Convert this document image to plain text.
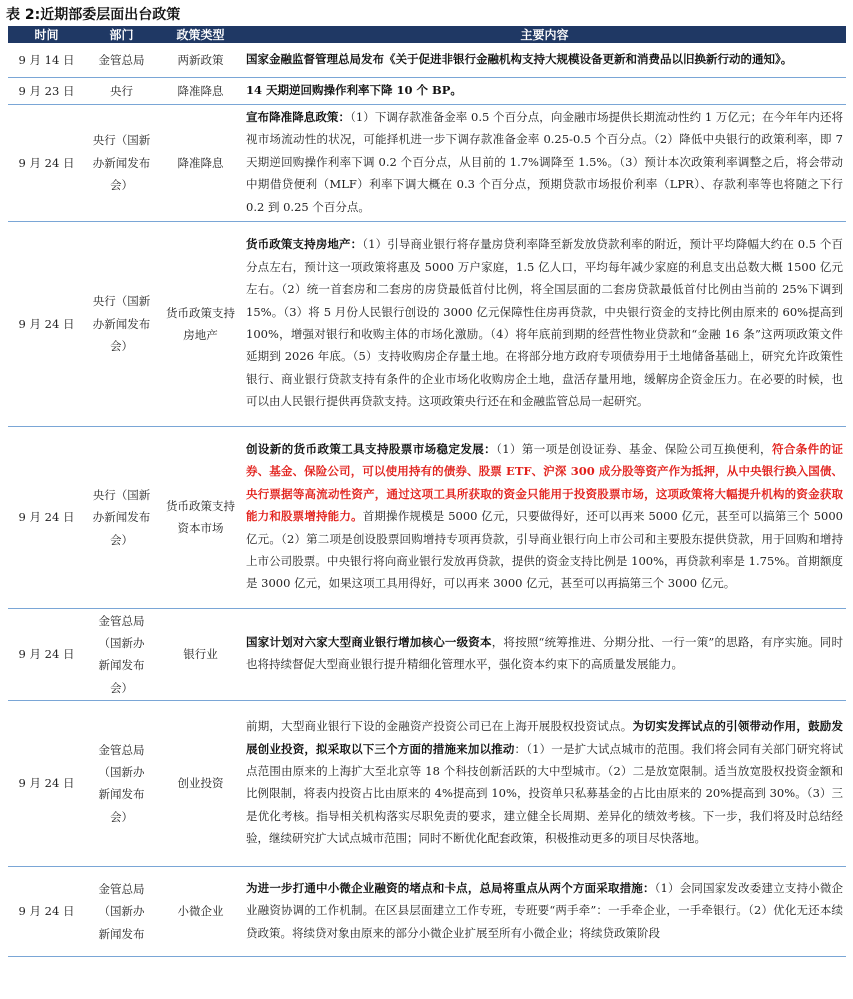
表 2:近期部委层面出台政策
时间	部门	政策类型	主要内容
9 月 14 日	金管总局	两新政策	国家金融监督管理总局发布《关于促进非银行金融机构支持大规模设备更新和消费品以旧换新行动的通知》。
9 月 23 日	央行	降准降息	14 天期逆回购操作利率下降 10 个 BP。
9 月 24 日	央行（国新办新闻发布会）	降准降息	宣布降准降息政策：（1）下调存款准备金率 0.5 个百分点，向金融市场提供长期流动性约 1 万亿元；在今年年内还将视市场流动性的状况，可能择机进一步下调存款准备金率 0.25-0.5 个百分点。（2）降低中央银行的政策利率，即 7 天期逆回购操作利率下调 0.2 个百分点，从目前的 1.7%调降至 1.5%。（3）预计本次政策利率调整之后，将会带动中期借贷便利（MLF）利率下调大概在 0.3 个百分点，预期贷款市场报价利率（LPR）、存款利率等也将随之下行 0.2 到 0.25 个百分点。
9 月 24 日	央行（国新办新闻发布会）	货币政策支持房地产	货币政策支持房地产：（1）引导商业银行将存量房贷利率降至新发放贷款利率的附近，预计平均降幅大约在 0.5 个百分点左右，预计这一项政策将惠及 5000 万户家庭，1.5 亿人口，平均每年减少家庭的利息支出总数大概 1500 亿元左右。（2）统一首套房和二套房的房贷最低首付比例，将全国层面的二套房贷款最低首付比例由当前的 25%下调到 15%。（3）将 5 月份人民银行创设的 3000 亿元保障性住房再贷款，中央银行资金的支持比例由原来的 60%提高到 100%，增强对银行和收购主体的市场化激励。（4）将年底前到期的经营性物业贷款和“金融 16 条”这两项政策文件延期到 2026 年底。（5）支持收购房企存量土地。在将部分地方政府专项债券用于土地储备基础上，研究允许政策性银行、商业银行贷款支持有条件的企业市场化收购房企土地，盘活存量用地，缓解房企资金压力。在必要的时候，也可以由人民银行提供再贷款支持。这项政策央行还在和金融监管总局一起研究。
9 月 24 日	央行（国新办新闻发布会）	货币政策支持资本市场	创设新的货币政策工具支持股票市场稳定发展：（1）第一项是创设证券、基金、保险公司互换便利，符合条件的证券、基金、保险公司，可以使用持有的债券、股票 ETF、沪深 300 成分股等资产作为抵押，从中央银行换入国债、央行票据等高流动性资产，通过这项工具所获取的资金只能用于投资股票市场，这项政策将大幅提升机构的资金获取能力和股票增持能力。首期操作规模是 5000 亿元，只要做得好，还可以再来 5000 亿元，甚至可以搞第三个 5000 亿元。（2）第二项是创设股票回购增持专项再贷款，引导商业银行向上市公司和主要股东提供贷款，用于回购和增持上市公司股票。中央银行将向商业银行发放再贷款，提供的资金支持比例是 100%，再贷款利率是 1.75%。首期额度是 3000 亿元，如果这项工具用得好，可以再来 3000 亿元，甚至可以再搞第三个 3000 亿元。
9 月 24 日	金管总局（国新办新闻发布会）	银行业	国家计划对六家大型商业银行增加核心一级资本，将按照“统筹推进、分期分批、一行一策”的思路，有序实施。同时也将持续督促大型商业银行提升精细化管理水平，强化资本约束下的高质量发展能力。
9 月 24 日	金管总局（国新办新闻发布会）	创业投资	前期，大型商业银行下设的金融资产投资公司已在上海开展股权投资试点。为切实发挥试点的引领带动作用，鼓励发展创业投资，拟采取以下三个方面的措施来加以推动：（1）一是扩大试点城市的范围。我们将会同有关部门研究将试点范围由原来的上海扩大至北京等 18 个科技创新活跃的大中型城市。（2）二是放宽限制。适当放宽股权投资金额和比例限制，将表内投资占比由原来的 4%提高到 10%，投资单只私募基金的占比由原来的 20%提高到 30%。（3）三是优化考核。指导相关机构落实尽职免责的要求，建立健全长周期、差异化的绩效考核。下一步，我们将及时总结经验，继续研究扩大试点城市范围；同时不断优化配套政策，积极推动更多的项目尽快落地。
9 月 24 日	金管总局（国新办新闻发布	小微企业	为进一步打通中小微企业融资的堵点和卡点，总局将重点从两个方面采取措施：（1）会同国家发改委建立支持小微企业融资协调的工作机制。在区县层面建立工作专班，专班要“两手牵”：一手牵企业，一手牵银行。（2）优化无还本续贷政策。将续贷对象由原来的部分小微企业扩展至所有小微企业；将续贷政策阶段
